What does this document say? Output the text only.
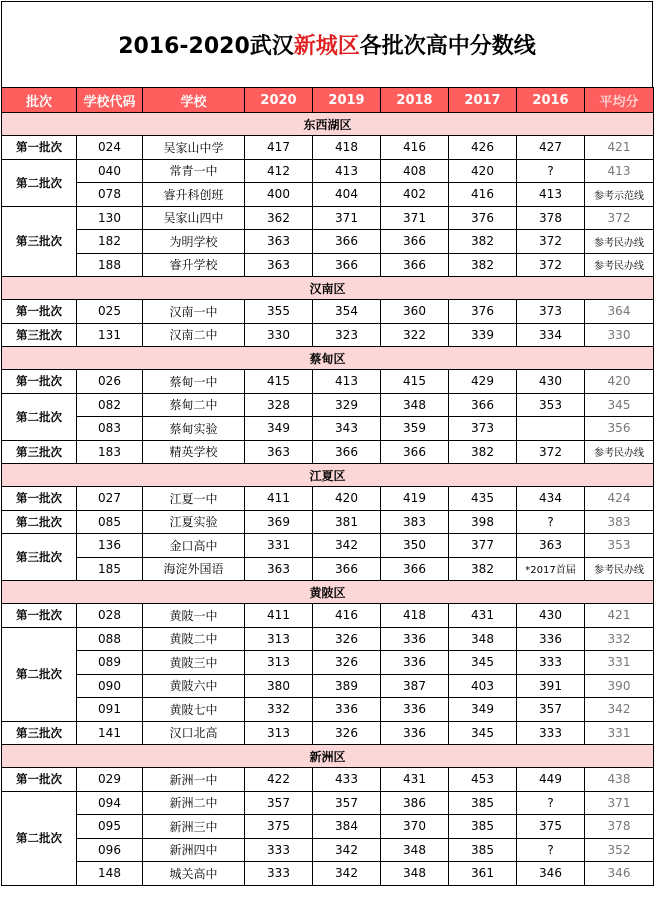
2016-2020武汉 新城区 各批次高中分数线
批次	学校代码	学校	2020	2019	2018	2017	2016	平均分
东西湖区								
第一批次	024	吴家山中学	417	418	416	426	427	421
第二批次	040	常青一中	412	413	408	420	?	413
	078	睿升科创班	400	404	402	416	413	参考示范线
第三批次	130	吴家山四中	362	371	371	376	378	372
	182	为明学校	363	366	366	382	372	参考民办线
	188	睿升学校	363	366	366	382	372	参考民办线
汉南区								
第一批次	025	汉南一中	355	354	360	376	373	364
第三批次	131	汉南二中	330	323	322	339	334	330
蔡甸区								
第一批次	026	蔡甸一中	415	413	415	429	430	420
第二批次	082	蔡甸二中	328	329	348	366	353	345
	083	蔡甸实验	349	343	359	373		356
第三批次	183	精英学校	363	366	366	382	372	参考民办线
江夏区								
第一批次	027	江夏一中	411	420	419	435	434	424
第二批次	085	江夏实验	369	381	383	398	?	383
第三批次	136	金口高中	331	342	350	377	363	353
	185	海淀外国语	363	366	366	382	*2017首届	参考民办线
黄陂区								
第一批次	028	黄陂一中	411	416	418	431	430	421
第二批次	088	黄陂二中	313	326	336	348	336	332
	089	黄陂三中	313	326	336	345	333	331
	090	黄陂六中	380	389	387	403	391	390
	091	黄陂七中	332	336	336	349	357	342
第三批次	141	汉口北高	313	326	336	345	333	331
新洲区								
第一批次	029	新洲一中	422	433	431	453	449	438
第二批次	094	新洲二中	357	357	386	385	?	371
	095	新洲三中	375	384	370	385	375	378
	096	新洲四中	333	342	348	385	?	352
	148	城关高中	333	342	348	361	346	346
